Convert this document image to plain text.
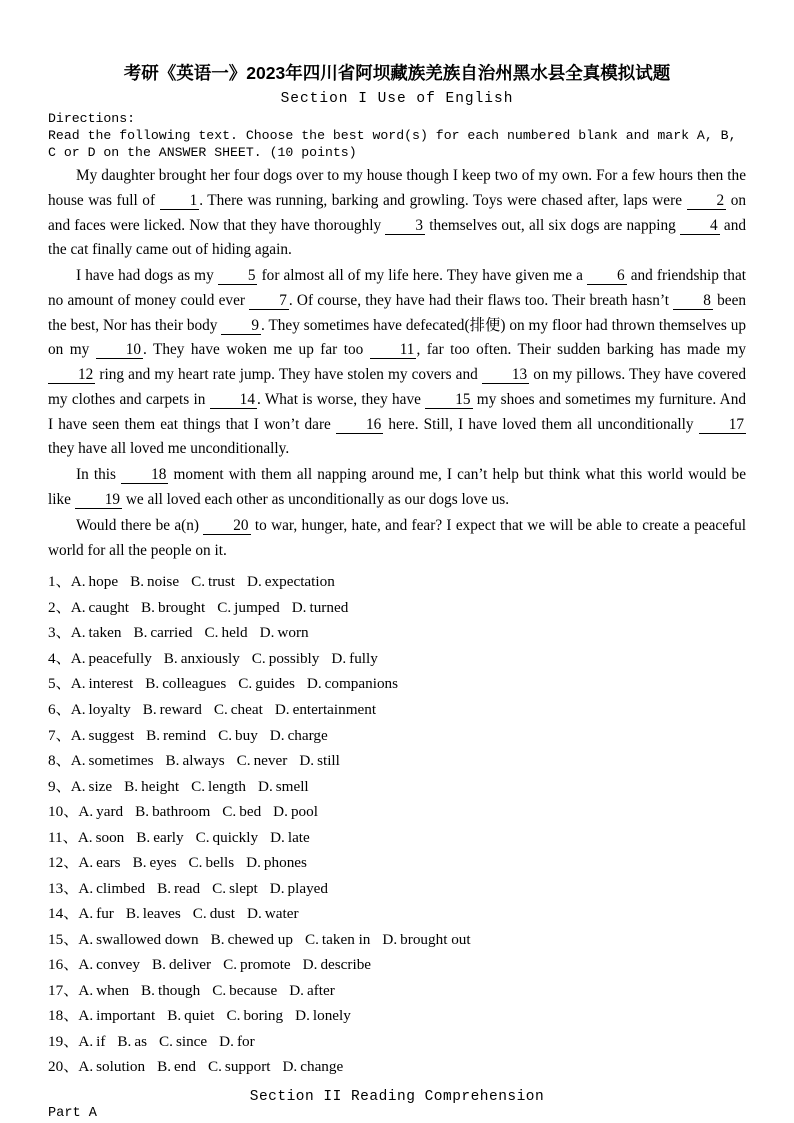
考研《英语一》2023年四川省阿坝藏族羌族自治州黑水县全真模拟试题
Section I Use of English
Directions:
Read the following text. Choose the best word(s) for each numbered blank and mark A, B, C or D on the ANSWER SHEET. (10 points)

My daughter brought her four dogs over to my house though I keep two of my own. For a few hours then the house was full of 1 . There was running, barking and growling. Toys were chased after, laps were 2 on and faces were licked. Now that they have thoroughly 3 themselves out, all six dogs are napping 4 and the cat finally came out of hiding again.

I have had dogs as my 5 for almost all of my life here. They have given me a 6 and friendship that no amount of money could ever 7 . Of course, they have had their flaws too. Their breath hasn’t 8 been the best, Nor has their body 9 . They sometimes have defecated(排便) on my floor had thrown themselves up on my 10 . They have woken me up far too 11 , far too often. Their sudden barking has made my 12 ring and my heart rate jump. They have stolen my covers and 13 on my pillows. They have covered my clothes and carpets in 14 . What is worse, they have 15 my shoes and sometimes my furniture. And I have seen them eat things that I won’t dare 16 here. Still, I have loved them all unconditionally 17 they have all loved me unconditionally.

In this 18 moment with them all napping around me, I can’t help but think what this world would be like 19 we all loved each other as unconditionally as our dogs love us.

Would there be a(n) 20 to war, hunger, hate, and fear? I expect that we will be able to create a peaceful world for all the people on it.

1、A. hope B. noise C. trust D. expectation
2、A. caught B. brought C. jumped D. turned
3、A. taken B. carried C. held D. worn
4、A. peacefully B. anxiously C. possibly D. fully
5、A. interest B. colleagues C. guides D. companions
6、A. loyalty B. reward C. cheat D. entertainment
7、A. suggest B. remind C. buy D. charge
8、A. sometimes B. always C. never D. still
9、A. size B. height C. length D. smell
10、A. yard B. bathroom C. bed D. pool
11、A. soon B. early C. quickly D. late
12、A. ears B. eyes C. bells D. phones
13、A. climbed B. read C. slept D. played
14、A. fur B. leaves C. dust D. water
15、A. swallowed down B. chewed up C. taken in D. brought out
16、A. convey B. deliver C. promote D. describe
17、A. when B. though C. because D. after
18、A. important B. quiet C. boring D. lonely
19、A. if B. as C. since D. for
20、A. solution B. end C. support D. change
Section II Reading Comprehension
Part A
